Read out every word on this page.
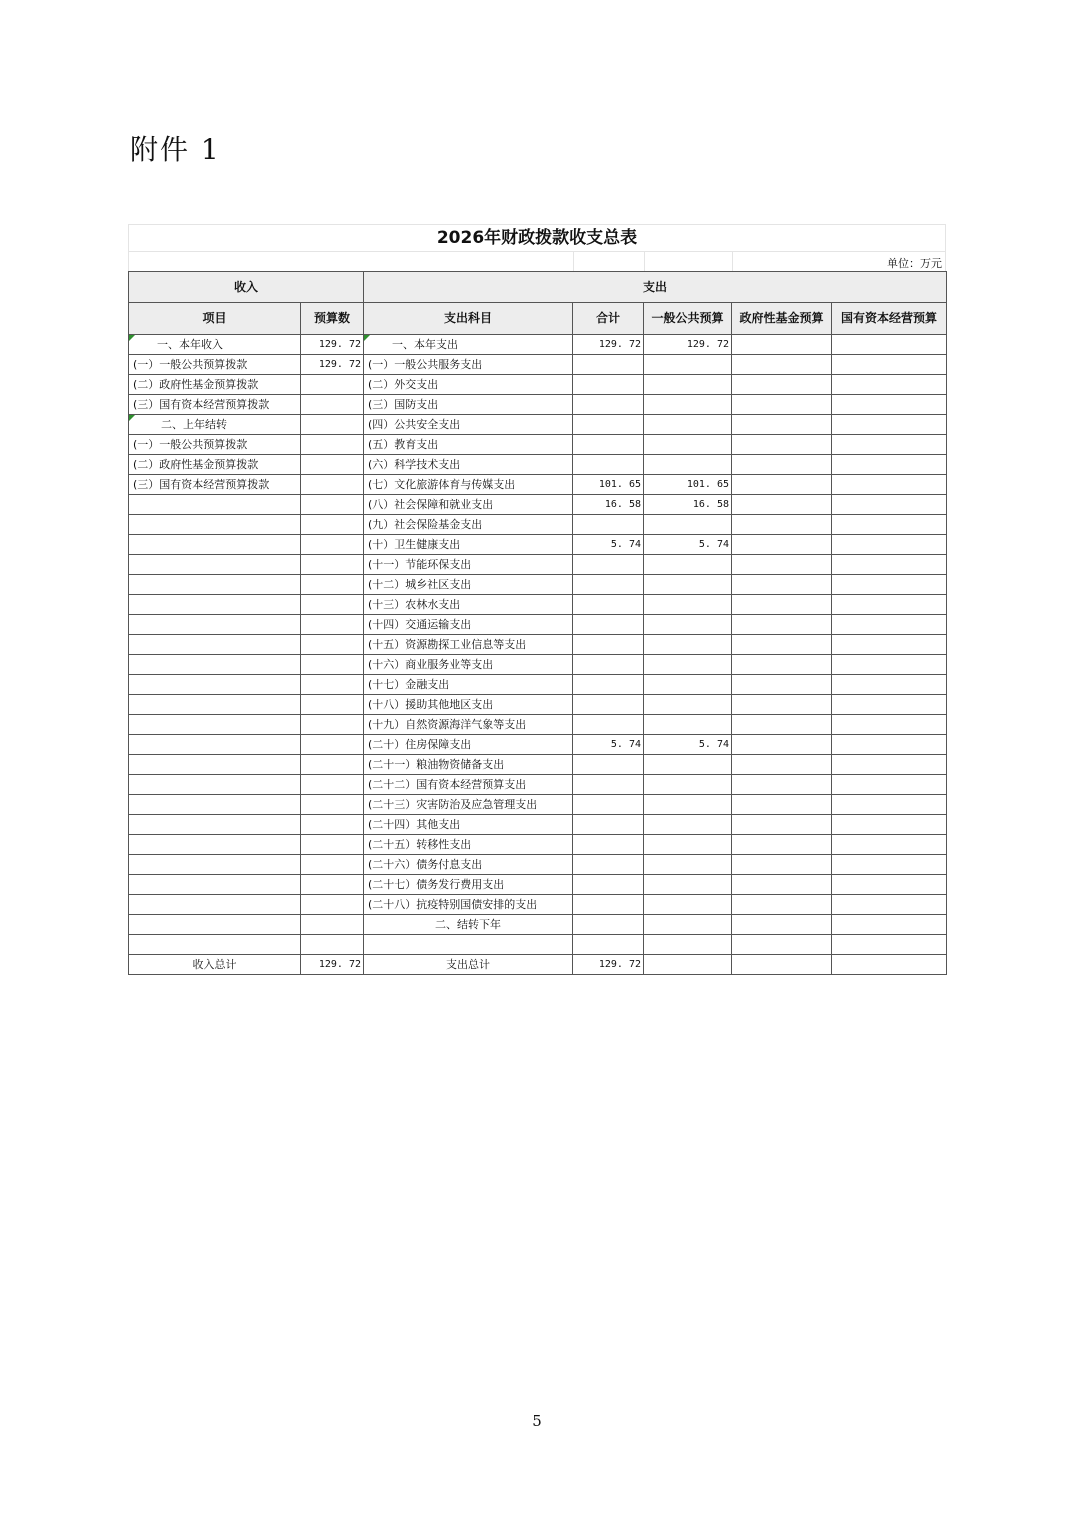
附件 1
2026年财政拨款收支总表
单位：万元
收入		支出				
项目	预算数	支出科目	合计	一般公共预算	政府性基金预算	国有资本经营预算
一、本年收入	129. 72	一、本年支出	129. 72	129. 72		
(一）一般公共预算拨款	129. 72	(一）一般公共服务支出				
(二）政府性基金预算拨款		(二）外交支出				
(三）国有资本经营预算拨款		(三）国防支出				
二、上年结转		(四）公共安全支出				
(一）一般公共预算拨款		(五）教育支出				
(二）政府性基金预算拨款		(六）科学技术支出				
(三）国有资本经营预算拨款		(七）文化旅游体育与传媒支出	101. 65	101. 65		
		(八）社会保障和就业支出	16. 58	16. 58		
		(九）社会保险基金支出				
		(十）卫生健康支出	5. 74	5. 74		
		(十一）节能环保支出				
		(十二）城乡社区支出				
		(十三）农林水支出				
		(十四）交通运输支出				
		(十五）资源勘探工业信息等支出				
		(十六）商业服务业等支出				
		(十七）金融支出				
		(十八）援助其他地区支出				
		(十九）自然资源海洋气象等支出				
		(二十）住房保障支出	5. 74	5. 74		
		(二十一）粮油物资储备支出				
		(二十二）国有资本经营预算支出				
		(二十三）灾害防治及应急管理支出				
		(二十四）其他支出				
		(二十五）转移性支出				
		(二十六）债务付息支出				
		(二十七）债务发行费用支出				
		(二十八）抗疫特别国债安排的支出				
		二、结转下年				

收入总计	129. 72	支出总计	129. 72			
5
